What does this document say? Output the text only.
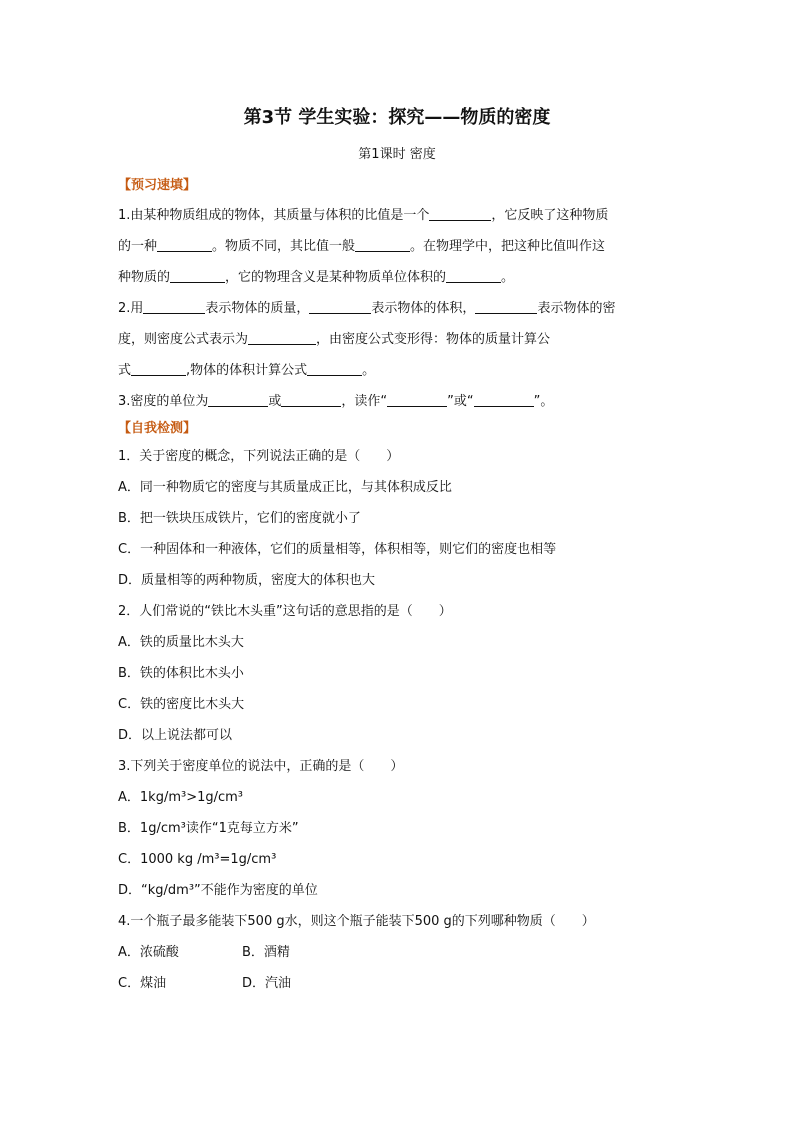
第3节 学生实验：探究——物质的密度
第1课时 密度
【预习速填】
1.由某种物质组成的物体，其质量与体积的比值是一个	，它反映了这种物质
的一种	。物质不同，其比值一般	。在物理学中，把这种比值叫作这
种物质的	，它的物理含义是某种物质单位体积的	。
2.用	表示物体的质量，	表示物体的体积，	表示物体的密
度，则密度公式表示为	，由密度公式变形得：物体的质量计算公
式	,物体的体积计算公式	。
3.密度的单位为	或	，读作“	”或“	”。
【自我检测】
1．关于密度的概念，下列说法正确的是（　　）
A．同一种物质它的密度与其质量成正比，与其体积成反比
B．把一铁块压成铁片，它们的密度就小了
C．一种固体和一种液体，它们的质量相等，体积相等，则它们的密度也相等
D．质量相等的两种物质，密度大的体积也大
2．人们常说的“铁比木头重”这句话的意思指的是（　　）
A．铁的质量比木头大
B．铁的体积比木头小
C．铁的密度比木头大
D．以上说法都可以
3.下列关于密度单位的说法中，正确的是（　　）
A．1kg/m³>1g/cm³
B．1g/cm³读作“1克每立方米”
C．1000 kg /m³=1g/cm³
D．“kg/dm³”不能作为密度的单位
4.一个瓶子最多能装下500 g水，则这个瓶子能装下500 g的下列哪种物质（　　）
A．浓硫酸	B．酒精
C．煤油	D．汽油
